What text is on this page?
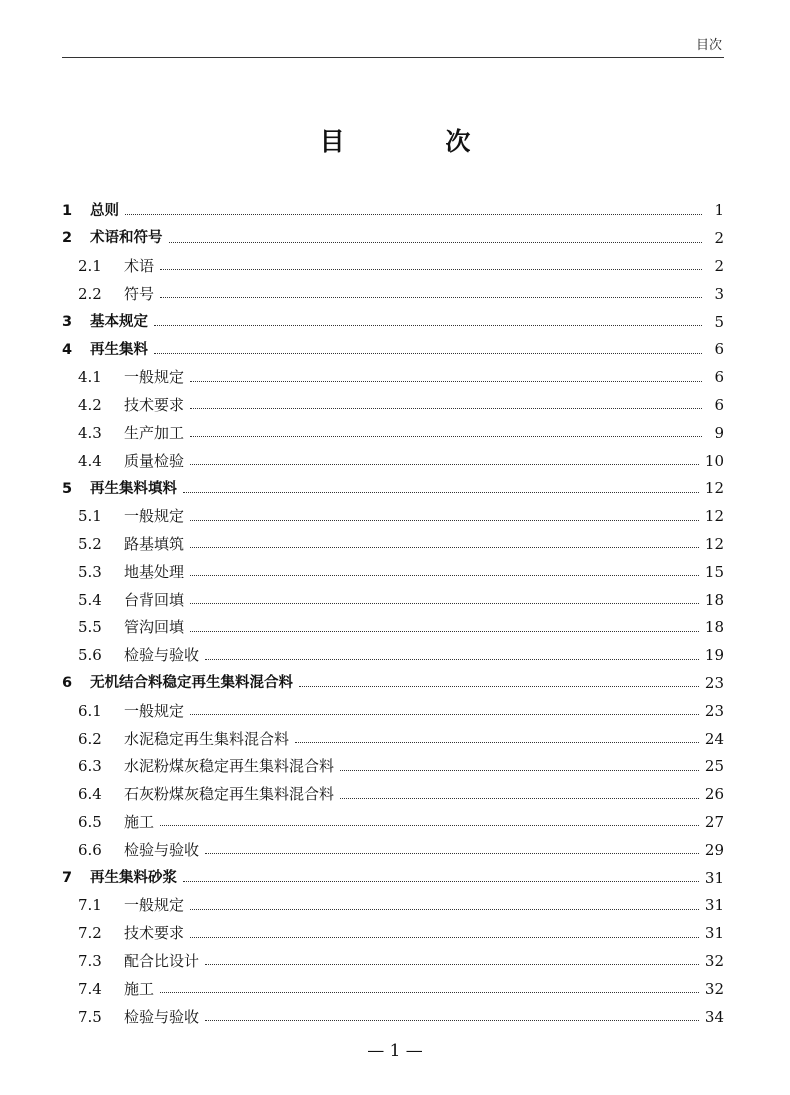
目次
目 次
1	总则	1
2	术语和符号	2
2.1	术语	2
2.2	符号	3
3	基本规定	5
4	再生集料	6
4.1	一般规定	6
4.2	技术要求	6
4.3	生产加工	9
4.4	质量检验	10
5	再生集料填料	12
5.1	一般规定	12
5.2	路基填筑	12
5.3	地基处理	15
5.4	台背回填	18
5.5	管沟回填	18
5.6	检验与验收	19
6	无机结合料稳定再生集料混合料	23
6.1	一般规定	23
6.2	水泥稳定再生集料混合料	24
6.3	水泥粉煤灰稳定再生集料混合料	25
6.4	石灰粉煤灰稳定再生集料混合料	26
6.5	施工	27
6.6	检验与验收	29
7	再生集料砂浆	31
7.1	一般规定	31
7.2	技术要求	31
7.3	配合比设计	32
7.4	施工	32
7.5	检验与验收	34
— 1 —
